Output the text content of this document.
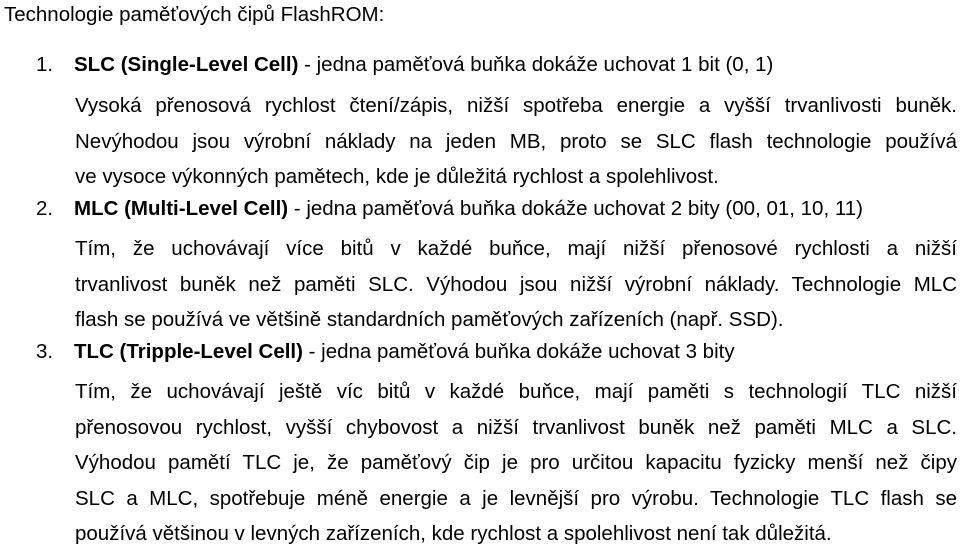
Technologie paměťových čipů FlashROM:

1. SLC (Single-Level Cell) - jedna paměťová buňka dokáže uchovat 1 bit (0, 1)

Vysoká přenosová rychlost čtení/zápis, nižší spotřeba energie a vyšší trvanlivosti buněk.
Nevýhodou jsou výrobní náklady na jeden MB, proto se SLC flash technologie používá
ve vysoce výkonných pamětech, kde je důležitá rychlost a spolehlivost.

2. MLC (Multi-Level Cell) - jedna paměťová buňka dokáže uchovat 2 bity (00, 01, 10, 11)

Tím, že uchovávají více bitů v každé buňce, mají nižší přenosové rychlosti a nižší
trvanlivost buněk než paměti SLC. Výhodou jsou nižší výrobní náklady. Technologie MLC
flash se používá ve většině standardních paměťových zařízeních (např. SSD).

3. TLC (Tripple-Level Cell) - jedna paměťová buňka dokáže uchovat 3 bity

Tím, že uchovávají ještě víc bitů v každé buňce, mají paměti s technologií TLC nižší
přenosovou rychlost, vyšší chybovost a nižší trvanlivost buněk než paměti MLC a SLC.
Výhodou pamětí TLC je, že paměťový čip je pro určitou kapacitu fyzicky menší než čipy
SLC a MLC, spotřebuje méně energie a je levnější pro výrobu. Technologie TLC flash se
používá většinou v levných zařízeních, kde rychlost a spolehlivost není tak důležitá.
